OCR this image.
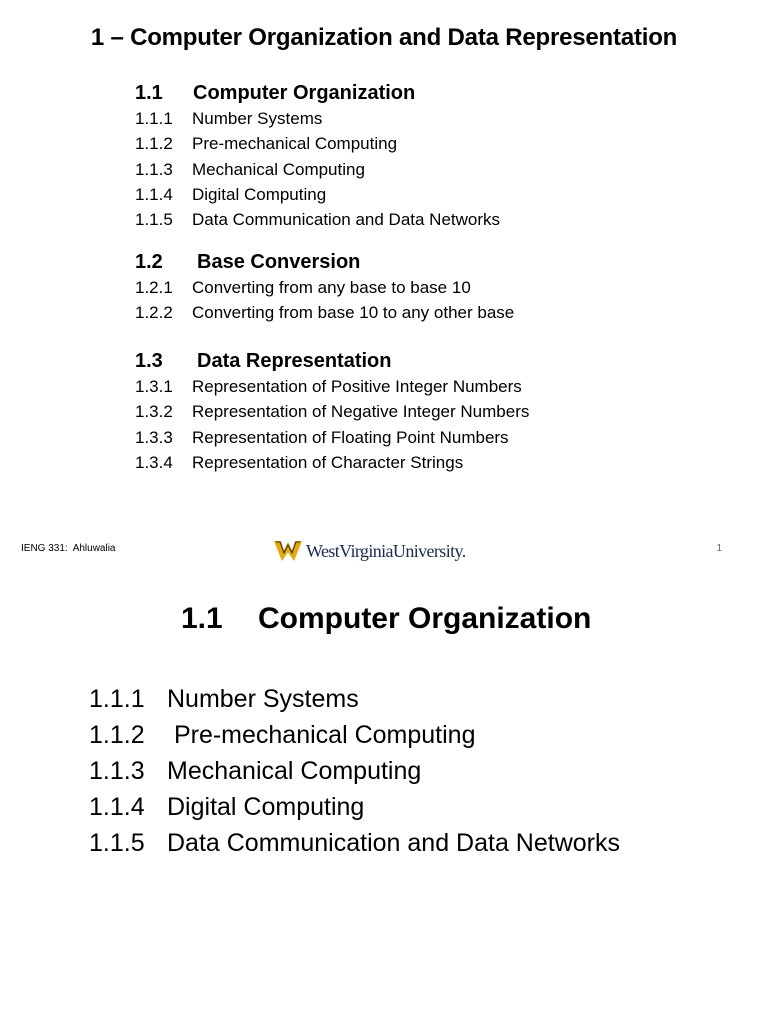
1 – Computer Organization and Data Representation
1.1 Computer Organization
1.1.1 Number Systems
1.1.2 Pre-mechanical Computing
1.1.3 Mechanical Computing
1.1.4 Digital Computing
1.1.5 Data Communication and Data Networks
1.2 Base Conversion
1.2.1 Converting from any base to base 10
1.2.2 Converting from base 10 to any other base
1.3 Data Representation
1.3.1 Representation of Positive Integer Numbers
1.3.2 Representation of Negative Integer Numbers
1.3.3 Representation of Floating Point Numbers
1.3.4 Representation of Character Strings
IENG 331:  Ahluwalia	WestVirginiaUniversity.	1
1.1 Computer Organization
1.1.1 Number Systems
1.1.2 Pre-mechanical Computing
1.1.3 Mechanical Computing
1.1.4 Digital Computing
1.1.5 Data Communication and Data Networks
